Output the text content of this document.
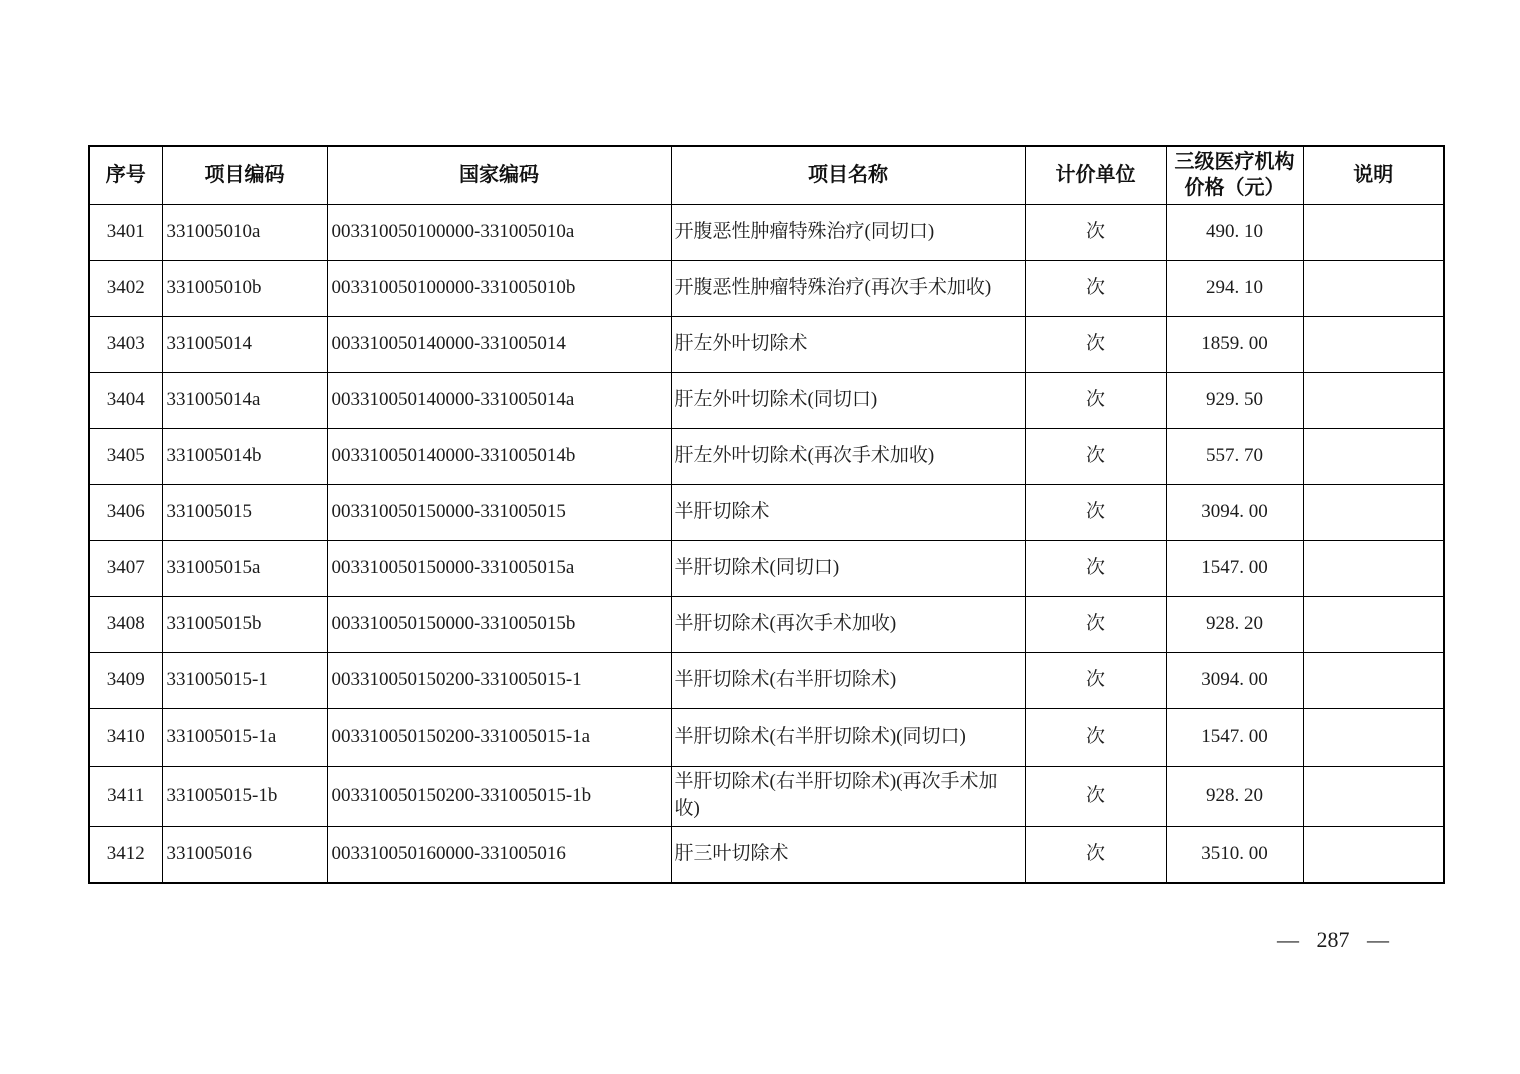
序号	项目编码	国家编码	项目名称	计价单位	三级医疗机构价格（元）	说明
3401	331005010a	003310050100000-331005010a	开腹恶性肿瘤特殊治疗(同切口)	次	490. 10	
3402	331005010b	003310050100000-331005010b	开腹恶性肿瘤特殊治疗(再次手术加收)	次	294. 10	
3403	331005014	003310050140000-331005014	肝左外叶切除术	次	1859. 00	
3404	331005014a	003310050140000-331005014a	肝左外叶切除术(同切口)	次	929. 50	
3405	331005014b	003310050140000-331005014b	肝左外叶切除术(再次手术加收)	次	557. 70	
3406	331005015	003310050150000-331005015	半肝切除术	次	3094. 00	
3407	331005015a	003310050150000-331005015a	半肝切除术(同切口)	次	1547. 00	
3408	331005015b	003310050150000-331005015b	半肝切除术(再次手术加收)	次	928. 20	
3409	331005015-1	003310050150200-331005015-1	半肝切除术(右半肝切除术)	次	3094. 00	
3410	331005015-1a	003310050150200-331005015-1a	半肝切除术(右半肝切除术)(同切口)	次	1547. 00	
3411	331005015-1b	003310050150200-331005015-1b	半肝切除术(右半肝切除术)(再次手术加收)	次	928. 20	
3412	331005016	003310050160000-331005016	肝三叶切除术	次	3510. 00	
— 287 —
